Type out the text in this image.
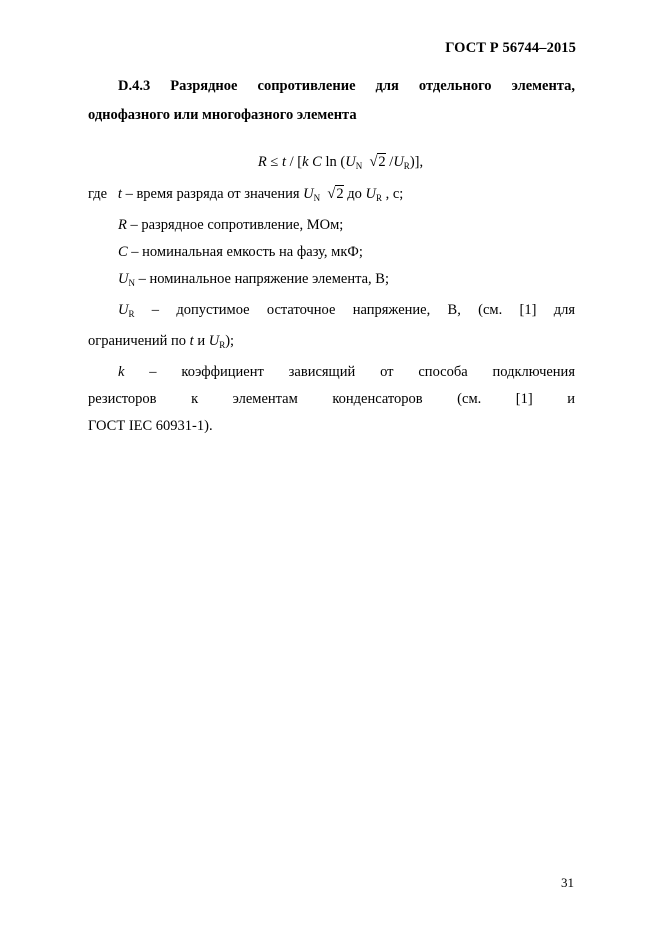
ГОСТ Р 56744–2015
D.4.3 Разрядное сопротивление для отдельного элемента,
однофазного или многофазного элемента
R ≤ t / [k C $\ln (U_N$ √2 $/U_R$)],
где t – время разряда от значения $U_N$ √2 до $U_R$ , с;
R – разрядное сопротивление, МОм;
C – номинальная емкость на фазу, мкФ;
$U_N$ – номинальное напряжение элемента, В;
$U_R$ – допустимое остаточное напряжение, В, (см. [1] для
ограничений по t и $U_R$);
k – коэффициент зависящий от способа подключения
резисторов к элементам конденсаторов (см. [1] и
ГОСТ IEC 60931-1).
31
